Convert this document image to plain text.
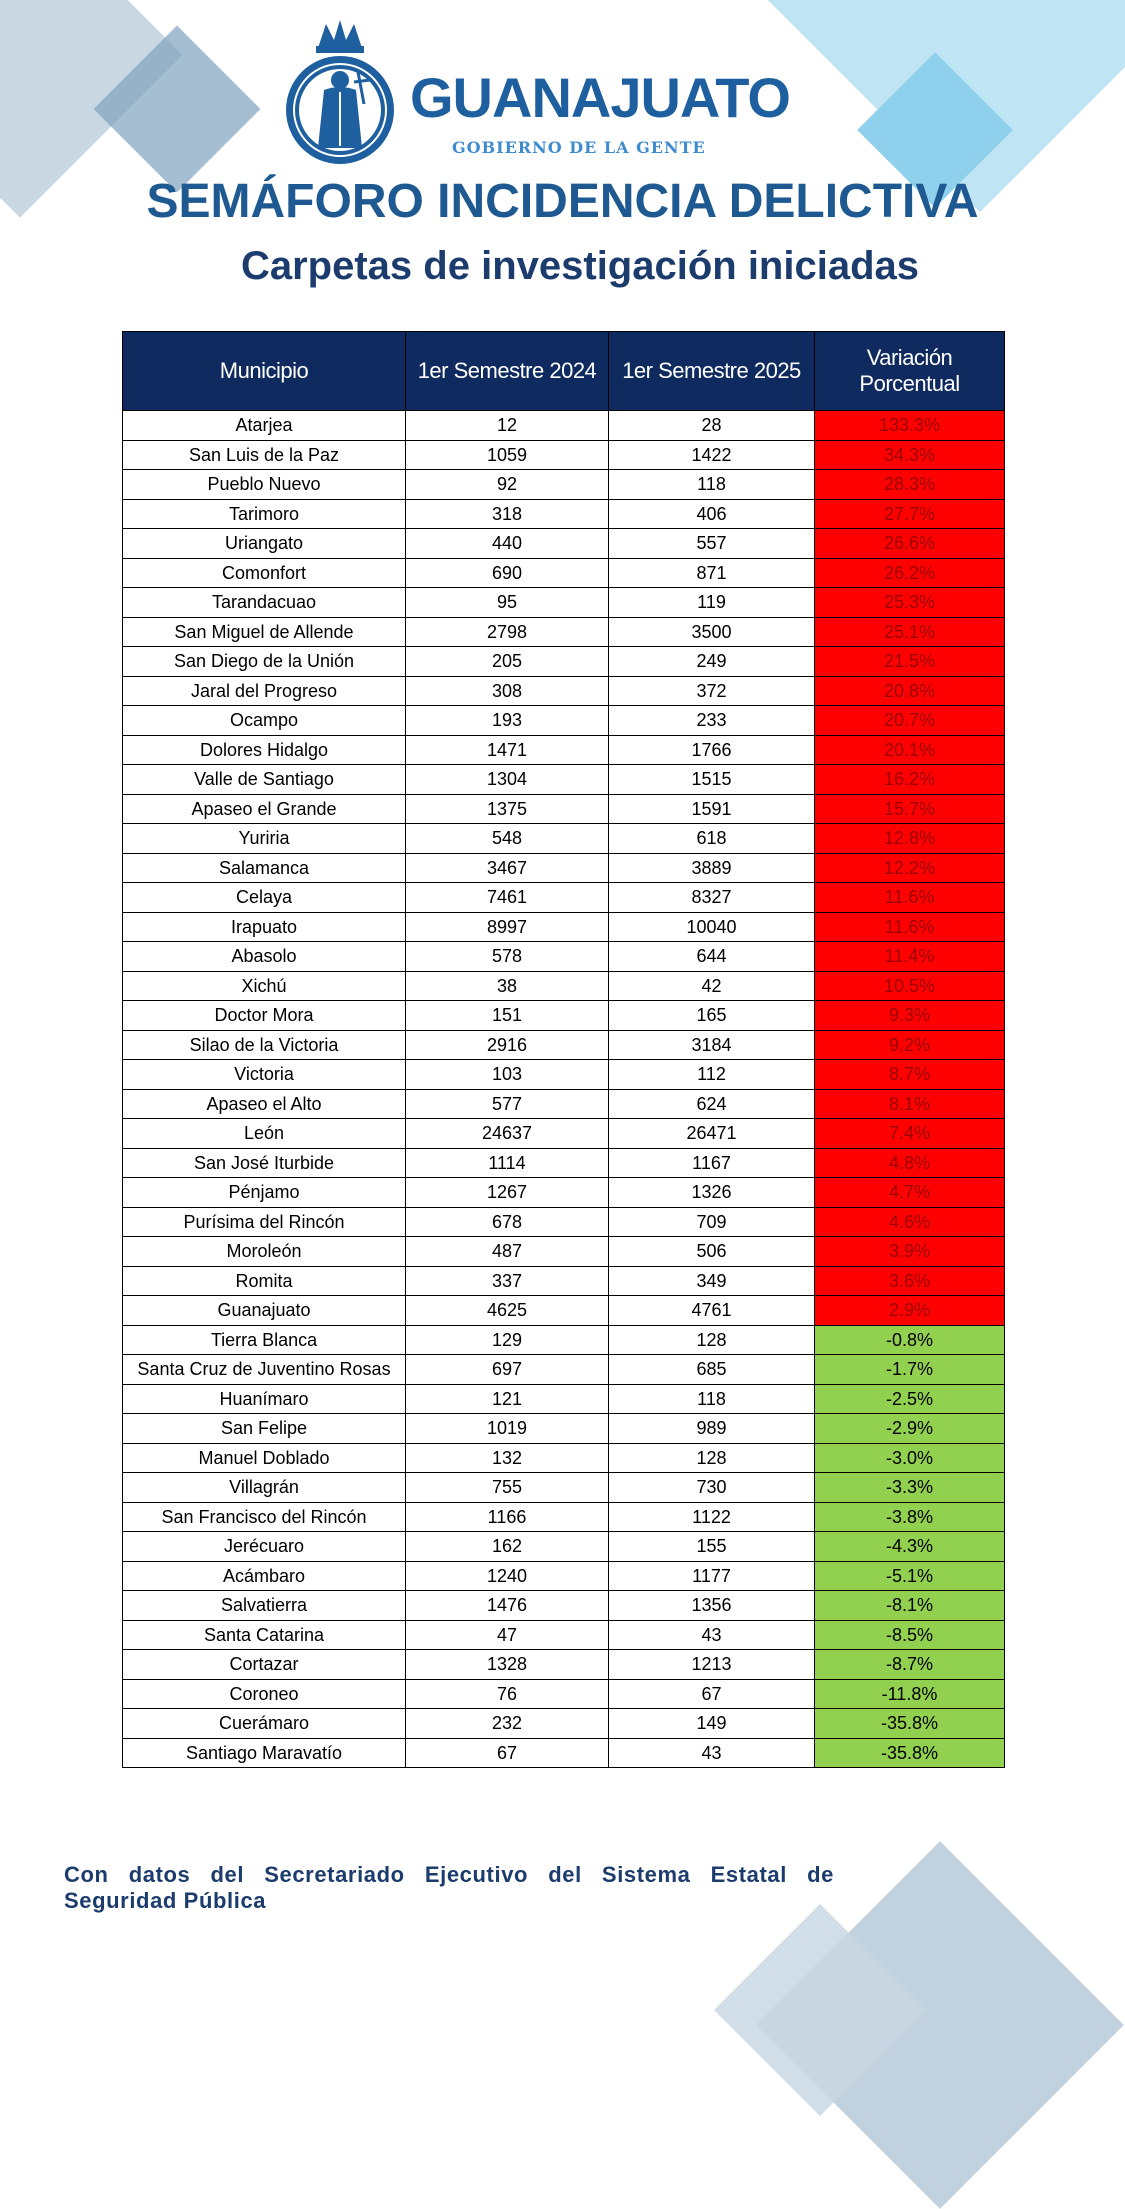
GUANAJUATO
GOBIERNO DE LA GENTE
SEMÁFORO INCIDENCIA DELICTIVA
Carpetas de investigación iniciadas
Municipio	1er Semestre 2024	1er Semestre 2025	Variación Porcentual
Atarjea	12	28	133.3%
San Luis de la Paz	1059	1422	34.3%
Pueblo Nuevo	92	118	28.3%
Tarimoro	318	406	27.7%
Uriangato	440	557	26.6%
Comonfort	690	871	26.2%
Tarandacuao	95	119	25.3%
San Miguel de Allende	2798	3500	25.1%
San Diego de la Unión	205	249	21.5%
Jaral del Progreso	308	372	20.8%
Ocampo	193	233	20.7%
Dolores Hidalgo	1471	1766	20.1%
Valle de Santiago	1304	1515	16.2%
Apaseo el Grande	1375	1591	15.7%
Yuriria	548	618	12.8%
Salamanca	3467	3889	12.2%
Celaya	7461	8327	11.6%
Irapuato	8997	10040	11.6%
Abasolo	578	644	11.4%
Xichú	38	42	10.5%
Doctor Mora	151	165	9.3%
Silao de la Victoria	2916	3184	9.2%
Victoria	103	112	8.7%
Apaseo el Alto	577	624	8.1%
León	24637	26471	7.4%
San José Iturbide	1114	1167	4.8%
Pénjamo	1267	1326	4.7%
Purísima del Rincón	678	709	4.6%
Moroleón	487	506	3.9%
Romita	337	349	3.6%
Guanajuato	4625	4761	2.9%
Tierra Blanca	129	128	-0.8%
Santa Cruz de Juventino Rosas	697	685	-1.7%
Huanímaro	121	118	-2.5%
San Felipe	1019	989	-2.9%
Manuel Doblado	132	128	-3.0%
Villagrán	755	730	-3.3%
San Francisco del Rincón	1166	1122	-3.8%
Jerécuaro	162	155	-4.3%
Acámbaro	1240	1177	-5.1%
Salvatierra	1476	1356	-8.1%
Santa Catarina	47	43	-8.5%
Cortazar	1328	1213	-8.7%
Coroneo	76	67	-11.8%
Cuerámaro	232	149	-35.8%
Santiago Maravatío	67	43	-35.8%
Con datos del Secretariado Ejecutivo del Sistema Estatal de Seguridad Pública
